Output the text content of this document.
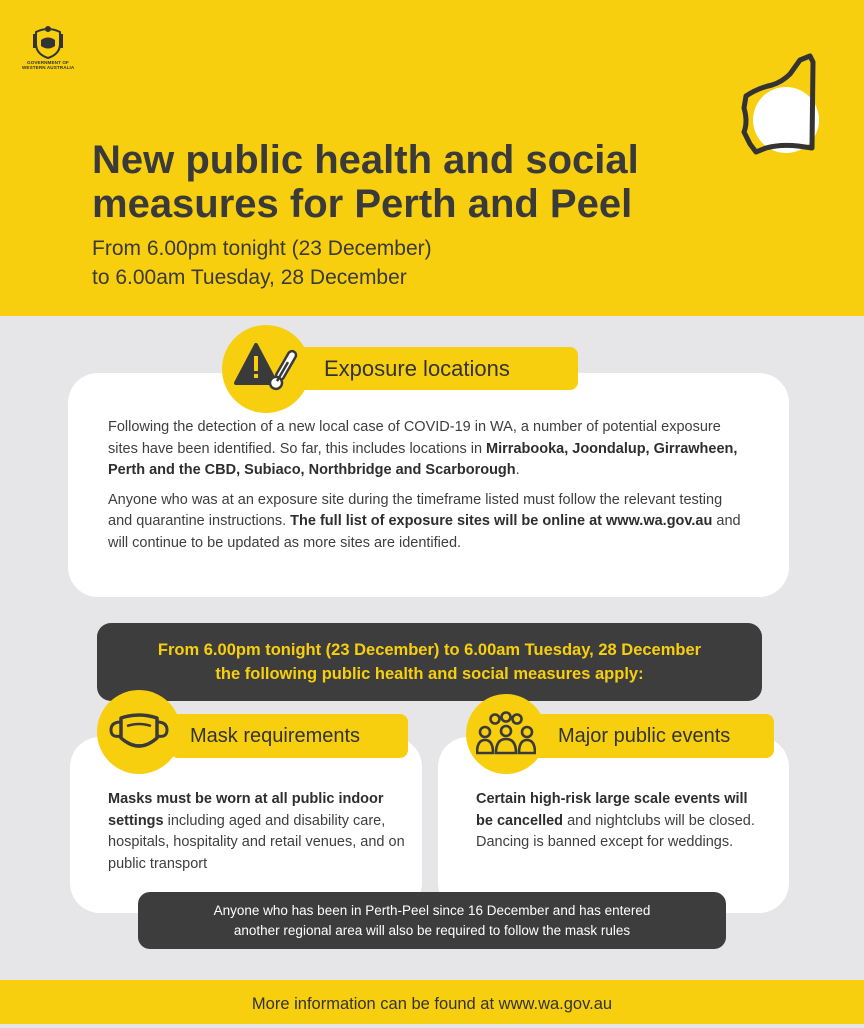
GOVERNMENT OF
WESTERN AUSTRALIA
New public health and social measures for Perth and Peel
From 6.00pm tonight (23 December)
to 6.00am Tuesday, 28 December

Following the detection of a new local case of COVID-19 in WA, a number of potential exposure sites have been identified. So far, this includes locations in Mirrabooka, Joondalup, Girrawheen, Perth and the CBD, Subiaco, Northbridge and Scarborough.

Anyone who was at an exposure site during the timeframe listed must follow the relevant testing and quarantine instructions. The full list of exposure sites will be online at www.wa.gov.au and will continue to be updated as more sites are identified.

Exposure locations
From 6.00pm tonight (23 December) to 6.00am Tuesday, 28 December
the following public health and social measures apply:
Masks must be worn at all public indoor settings including aged and disability care, hospitals, hospitality and retail venues, and on public transport
Mask requirements
Certain high-risk large scale events will be cancelled and nightclubs will be closed. Dancing is banned except for weddings.
Major public events
Anyone who has been in Perth-Peel since 16 December and has entered
another regional area will also be required to follow the mask rules
More information can be found at www.wa.gov.au
